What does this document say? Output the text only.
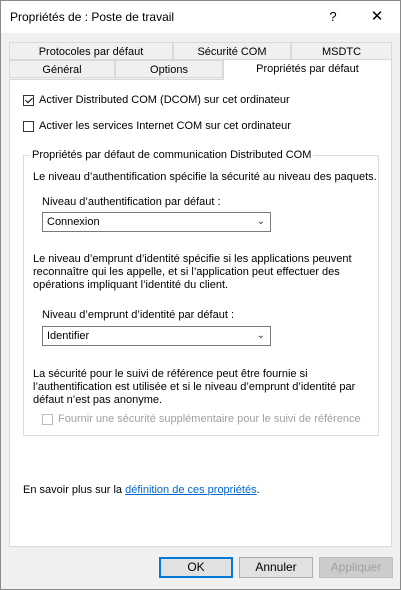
Propriétés de : Poste de travail	?	✕
Protocoles par défaut	Sécurité COM	MSDTC
Général	Options	Propriétés par défaut
Activer Distributed COM (DCOM) sur cet ordinateur
Activer les services Internet COM sur cet ordinateur
Propriétés par défaut de communication Distributed COM
Le niveau d’authentification spécifie la sécurité au niveau des paquets.
Niveau d’authentification par défaut :
Connexion	⌄
Le niveau d’emprunt d’identité spécifie si les applications peuvent
reconnaître qui les appelle, et si l’application peut effectuer des
opérations impliquant l’identité du client.
Niveau d’emprunt d’identité par défaut :
Identifier	⌄
La sécurité pour le suivi de référence peut être fournie si
l’authentification est utilisée et si le niveau d’emprunt d’identité par
défaut n’est pas anonyme.
Fournir une sécurité supplémentaire pour le suivi de référence
En savoir plus sur la définition de ces propriétés.
OK	Annuler	Appliquer
